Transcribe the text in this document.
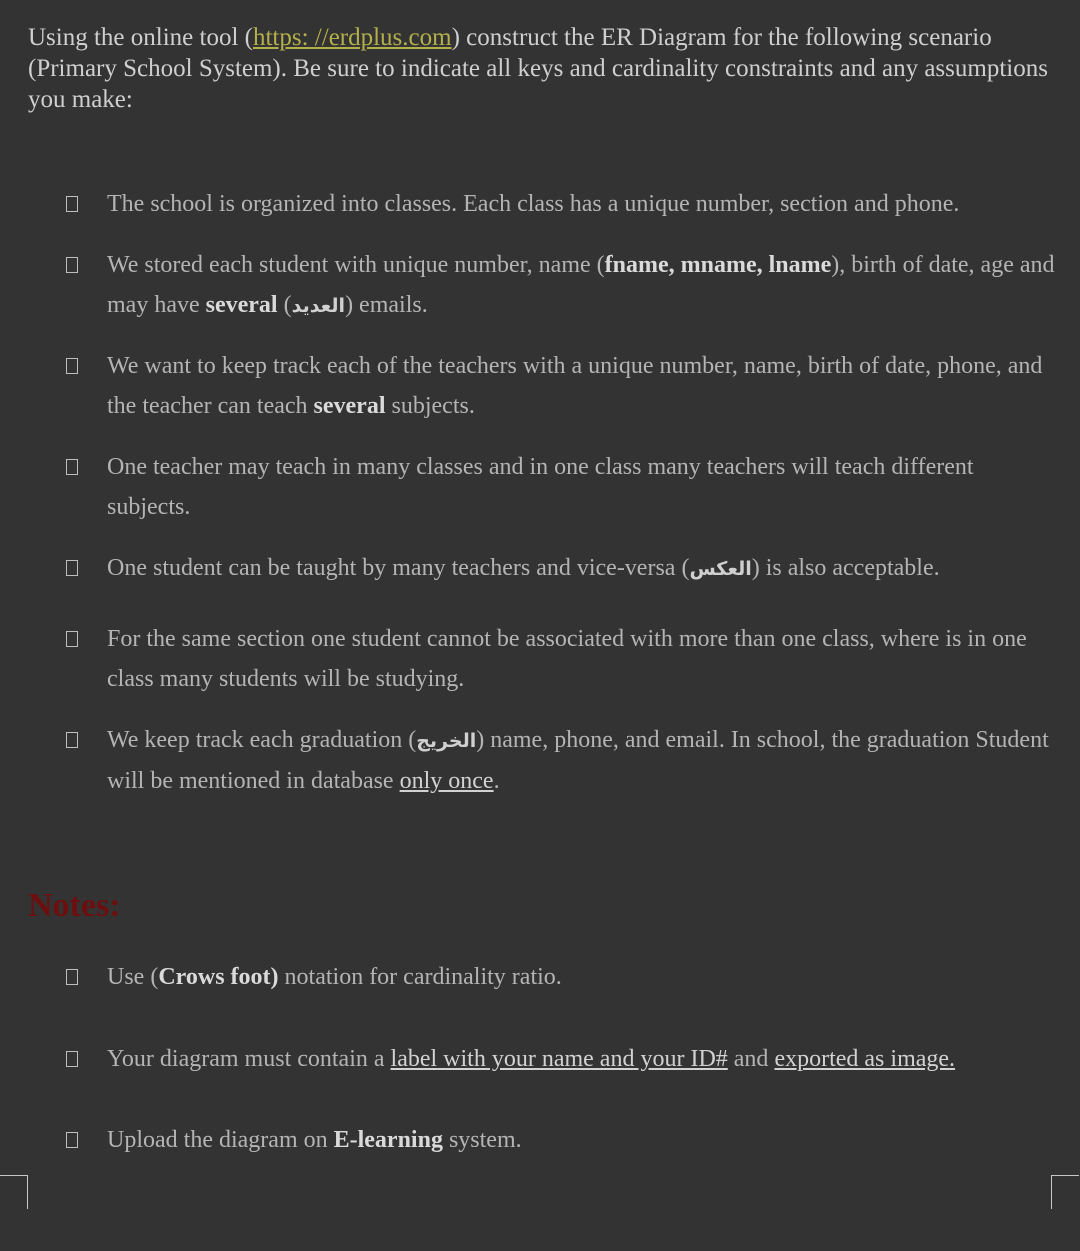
Using the online tool (https: //erdplus.com) construct the ER Diagram for the following scenario (Primary School System). Be sure to indicate all keys and cardinality constraints and any assumptions you make:
The school is organized into classes. Each class has a unique number, section and phone.
We stored each student with unique number, name (fname, mname, lname), birth of date, age and may have several (العديد) emails.
We want to keep track each of the teachers with a unique number, name, birth of date, phone, and the teacher can teach several subjects.
One teacher may teach in many classes and in one class many teachers will teach different subjects.
One student can be taught by many teachers and vice-versa (العكس) is also acceptable.
For the same section one student cannot be associated with more than one class, where is in one class many students will be studying.
We keep track each graduation (الخريج) name, phone, and email. In school, the graduation Student will be mentioned in database only once.
Notes:
Use (Crows foot) notation for cardinality ratio.
Your diagram must contain a label with your name and your ID# and exported as image.
Upload the diagram on E-learning system.
